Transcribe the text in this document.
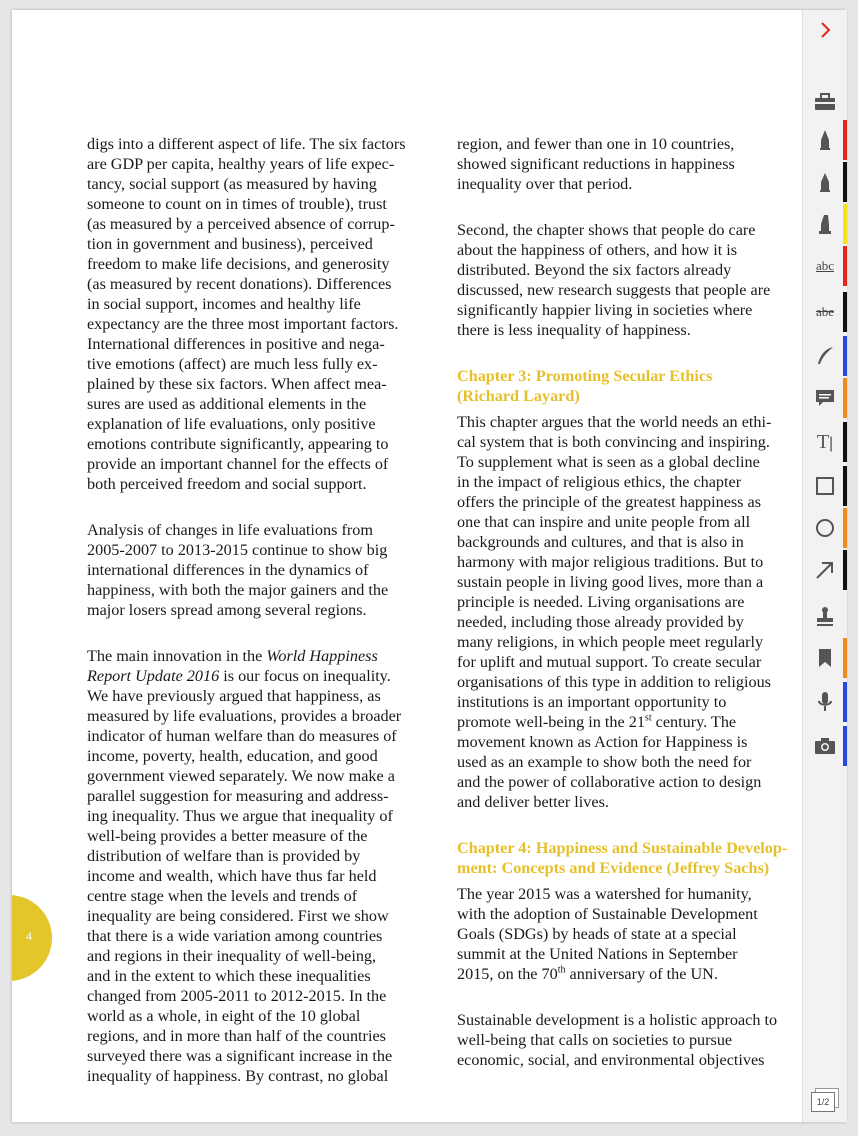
digs into a different aspect of life. The six factors
are GDP per capita, healthy years of life expec-
tancy, social support (as measured by having
someone to count on in times of trouble), trust
(as measured by a perceived absence of corrup-
tion in government and business), perceived
freedom to make life decisions, and generosity
(as measured by recent donations). Differences
in social support, incomes and healthy life
expectancy are the three most important factors.
International differences in positive and nega-
tive emotions (affect) are much less fully ex-
plained by these six factors. When affect mea-
sures are used as additional elements in the
explanation of life evaluations, only positive
emotions contribute significantly, appearing to
provide an important channel for the effects of
both perceived freedom and social support.

Analysis of changes in life evaluations from
2005-2007 to 2013-2015 continue to show big
international differences in the dynamics of
happiness, with both the major gainers and the
major losers spread among several regions.

The main innovation in the World Happiness
Report Update 2016 is our focus on inequality.
We have previously argued that happiness, as
measured by life evaluations, provides a broader
indicator of human welfare than do measures of
income, poverty, health, education, and good
government viewed separately. We now make a
parallel suggestion for measuring and address-
ing inequality. Thus we argue that inequality of
well-being provides a better measure of the
distribution of welfare than is provided by
income and wealth, which have thus far held
centre stage when the levels and trends of
inequality are being considered. First we show
that there is a wide variation among countries
and regions in their inequality of well-being,
and in the extent to which these inequalities
changed from 2005-2011 to 2012-2015. In the
world as a whole, in eight of the 10 global
regions, and in more than half of the countries
surveyed there was a significant increase in the
inequality of happiness. By contrast, no global

region, and fewer than one in 10 countries,
showed significant reductions in happiness
inequality over that period.

Second, the chapter shows that people do care
about the happiness of others, and how it is
distributed. Beyond the six factors already
discussed, new research suggests that people are
significantly happier living in societies where
there is less inequality of happiness.

Chapter 3: Promoting Secular Ethics
(Richard Layard)

This chapter argues that the world needs an ethi-
cal system that is both convincing and inspiring.
To supplement what is seen as a global decline
in the impact of religious ethics, the chapter
offers the principle of the greatest happiness as
one that can inspire and unite people from all
backgrounds and cultures, and that is also in
harmony with major religious traditions. But to
sustain people in living good lives, more than a
principle is needed. Living organisations are
needed, including those already provided by
many religions, in which people meet regularly
for uplift and mutual support. To create secular
organisations of this type in addition to religious
institutions is an important opportunity to
promote well-being in the 21st century. The
movement known as Action for Happiness is
used as an example to show both the need for
and the power of collaborative action to design
and deliver better lives.

Chapter 4: Happiness and Sustainable Develop-
ment: Concepts and Evidence (Jeffrey Sachs)

The year 2015 was a watershed for humanity,
with the adoption of Sustainable Development
Goals (SDGs) by heads of state at a special
summit at the United Nations in September
2015, on the 70th anniversary of the UN.

Sustainable development is a holistic approach to
well-being that calls on societies to pursue
economic, social, and environmental objectives

4
abc
abe
T|
1/2
